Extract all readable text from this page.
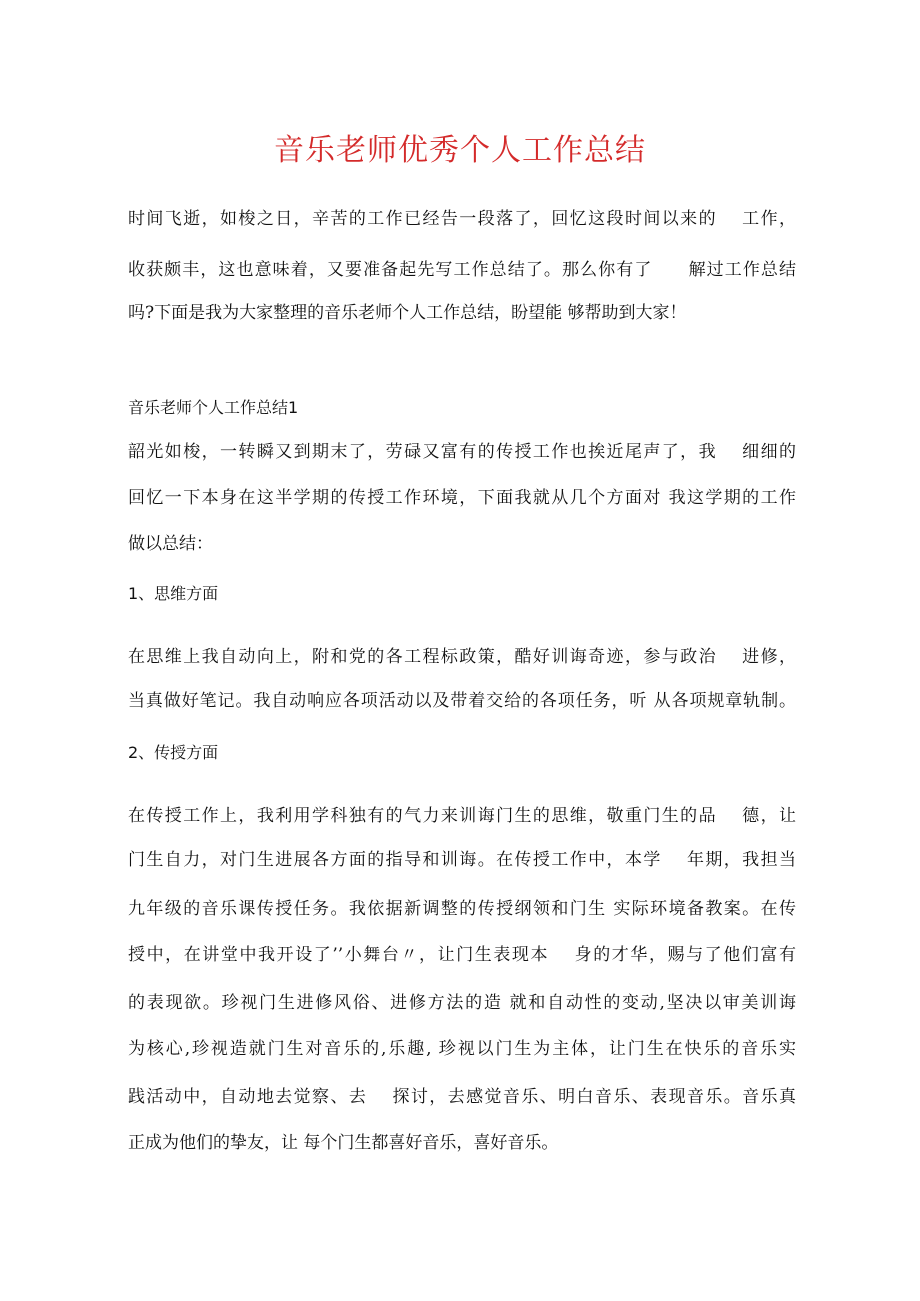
音乐老师优秀个人工作总结

时间飞逝，如梭之日，辛苦的工作已经告一段落了，回忆这段时间以来的　 工作，

收获颇丰，这也意味着，又要准备起先写工作总结了。那么你有了　　解过工作总结

吗?下面是我为大家整理的音乐老师个人工作总结，盼望能 够帮助到大家！

音乐老师个人工作总结1

韶光如梭，一转瞬又到期末了，劳碌又富有的传授工作也挨近尾声了，我　 细细的

回忆一下本身在这半学期的传授工作环境，下面我就从几个方面对 我这学期的工作

做以总结：

1、思维方面

在思维上我自动向上，附和党的各工程标政策，酷好训诲奇迹，参与政治　 进修，

当真做好笔记。我自动响应各项活动以及带着交给的各项任务，听 从各项规章轨制。

2、传授方面

在传授工作上，我利用学科独有的气力来训诲门生的思维，敬重门生的品　 德，让

门生自力，对门生进展各方面的指导和训诲。在传授工作中，本学　 年期，我担当

九年级的音乐课传授任务。我依据新调整的传授纲领和门生 实际环境备教案。在传

授中，在讲堂中我开设了’’小舞台〃，让门生表现本　 身的才华，赐与了他们富有

的表现欲。珍视门生进修风俗、进修方法的造 就和自动性的变动,坚决以审美训诲

为核心,珍视造就门生对音乐的,乐趣, 珍视以门生为主体，让门生在快乐的音乐实

践活动中，自动地去觉察、去　 探讨，去感觉音乐、明白音乐、表现音乐。音乐真

正成为他们的挚友，让 每个门生都喜好音乐，喜好音乐。
